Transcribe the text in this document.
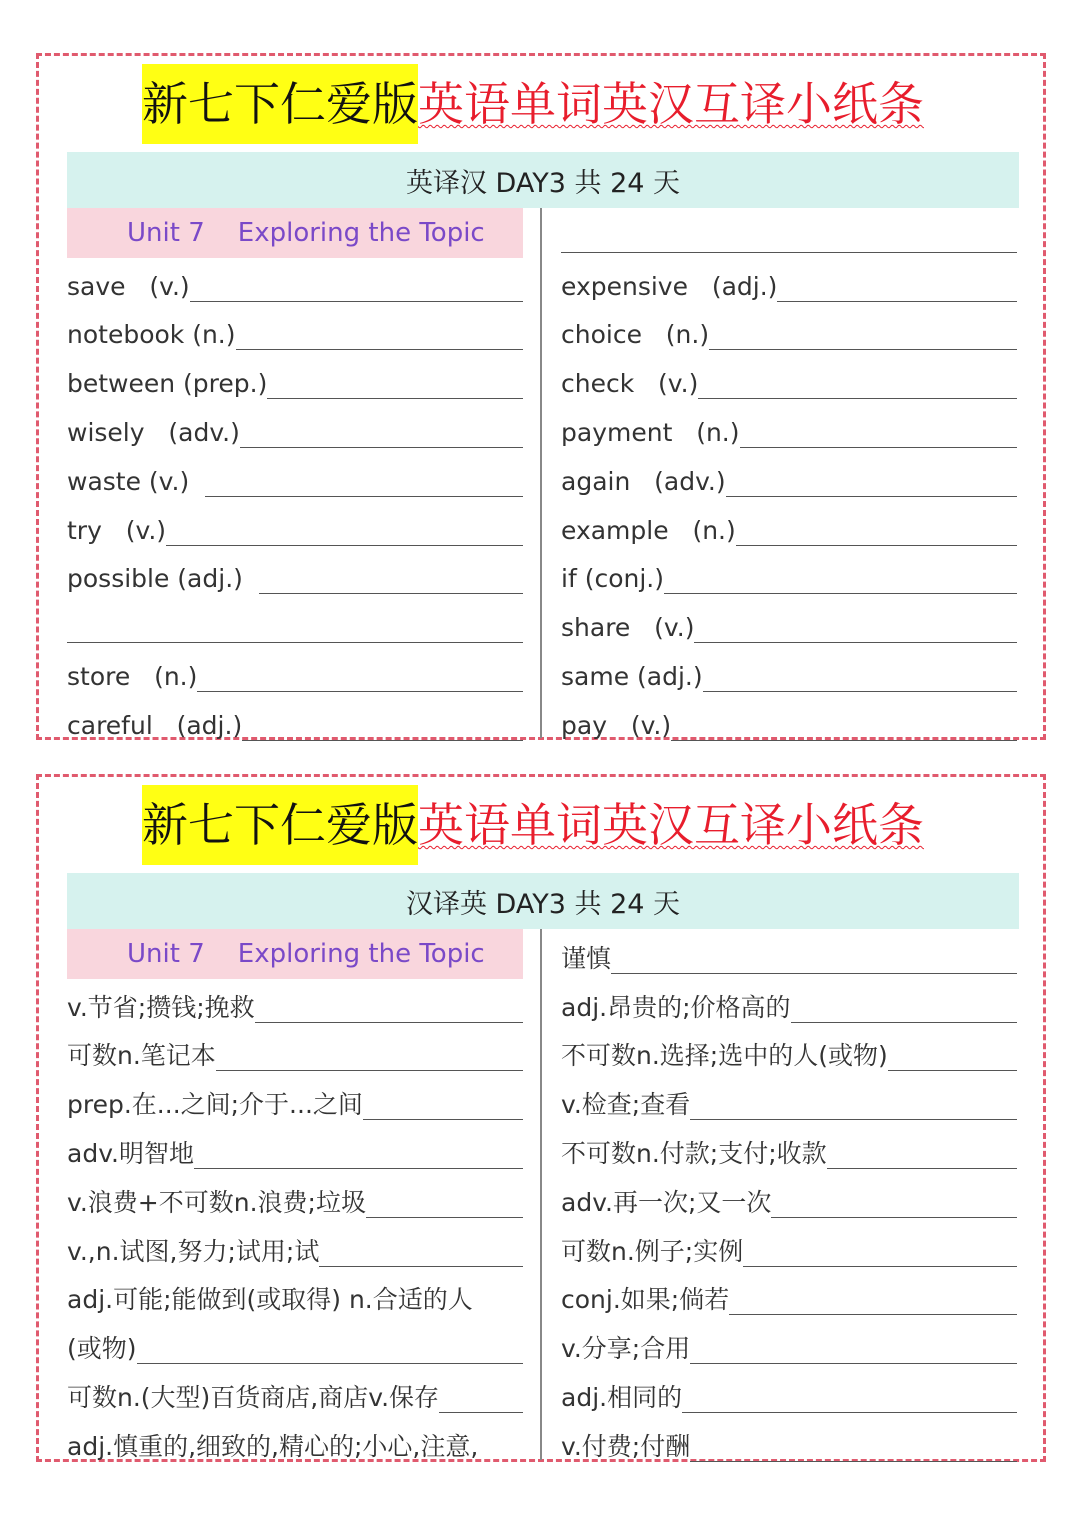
新七下仁爱版 英语单词英汉互译小纸条
英译汉 DAY3 共 24 天
Unit 7    Exploring the Topic
save   (v.)
notebook (n.)
between (prep.)
wisely   (adv.)
waste (v.)
try   (v.)
possible (adj.)
store   (n.)
careful   (adj.)
expensive   (adj.)
choice   (n.)
check   (v.)
payment   (n.)
again   (adv.)
example   (n.)
if (conj.)
share   (v.)
same (adj.)
pay   (v.)
新七下仁爱版 英语单词英汉互译小纸条
汉译英 DAY3 共 24 天
Unit 7    Exploring the Topic
v.节省;攒钱;挽救
可数n.笔记本
prep.在...之间;介于...之间
adv.明智地
v.浪费+不可数n.浪费;垃圾
v.,n.试图,努力;试用;试
adj.可能;能做到(或取得) n.合适的人
(或物)
可数n.(大型)百货商店,商店v.保存
adj.慎重的,细致的,精心的;小心,注意,
谨慎
adj.昂贵的;价格高的
不可数n.选择;选中的人(或物)
v.检查;查看
不可数n.付款;支付;收款
adv.再一次;又一次
可数n.例子;实例
conj.如果;倘若
v.分享;合用
adj.相同的
v.付费;付酬
